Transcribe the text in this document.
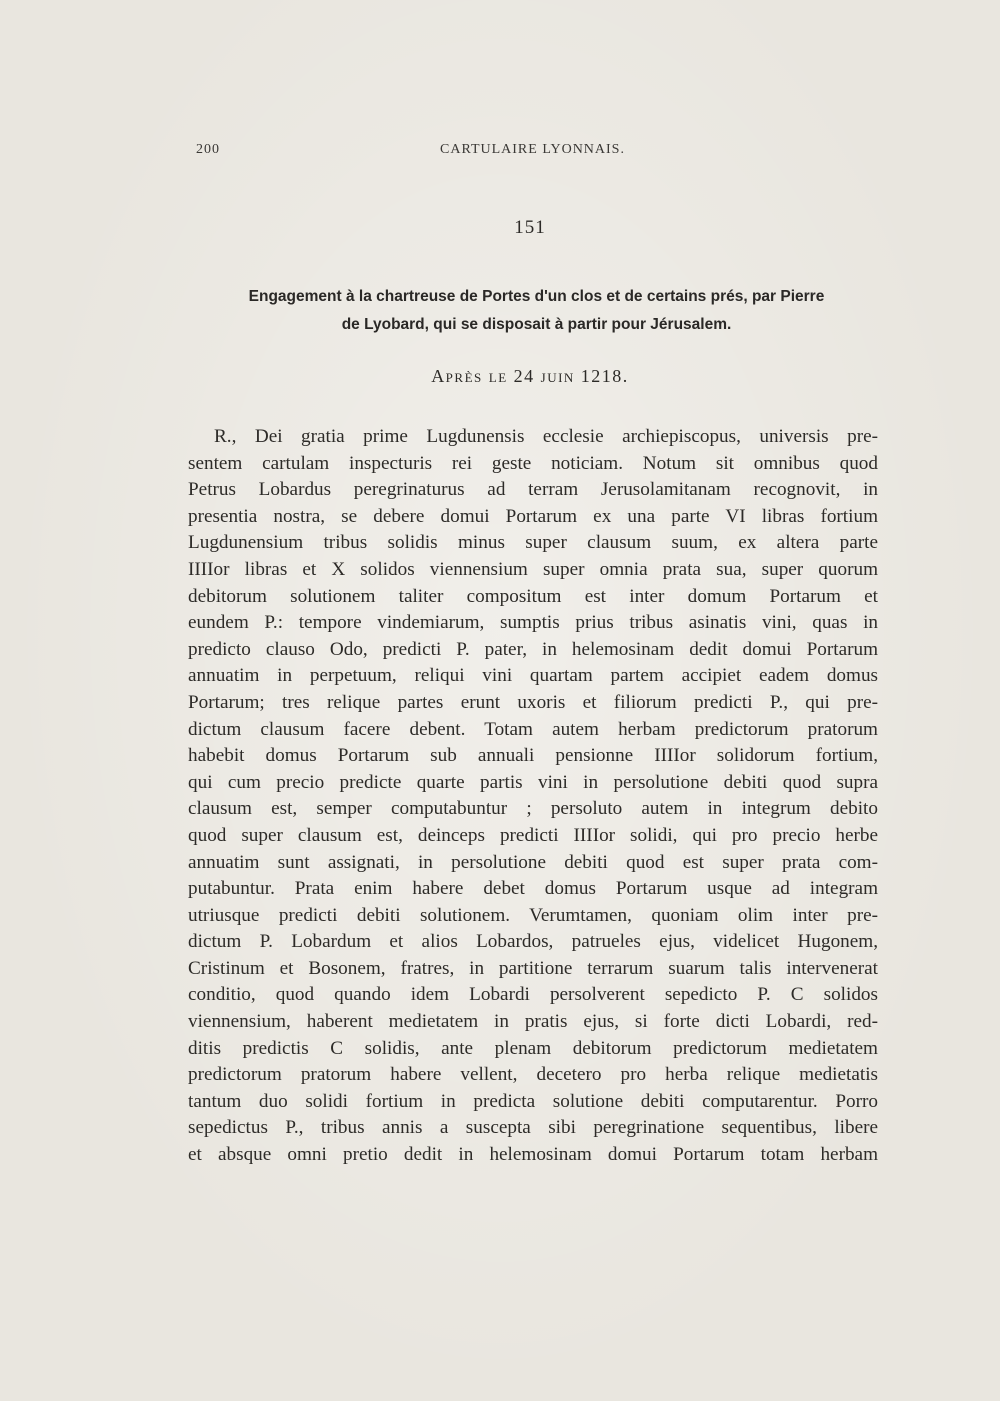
200	CARTULAIRE LYONNAIS.
151
Engagement à la chartreuse de Portes d'un clos et de certains prés, par Pierre
de Lyobard, qui se disposait à partir pour Jérusalem.
Après le 24 juin 1218.
R., Dei gratia prime Lugdunensis ecclesie archiepiscopus, universis pre-
sentem cartulam inspecturis rei geste noticiam. Notum sit omnibus quod
Petrus Lobardus peregrinaturus ad terram Jerusolamitanam recognovit, in
presentia nostra, se debere domui Portarum ex una parte VI libras fortium
Lugdunensium tribus solidis minus super clausum suum, ex altera parte
IIIIor libras et X solidos viennensium super omnia prata sua, super quorum
debitorum solutionem taliter compositum est inter domum Portarum et
eundem P.: tempore vindemiarum, sumptis prius tribus asinatis vini, quas in
predicto clauso Odo, predicti P. pater, in helemosinam dedit domui Portarum
annuatim in perpetuum, reliqui vini quartam partem accipiet eadem domus
Portarum; tres relique partes erunt uxoris et filiorum predicti P., qui pre-
dictum clausum facere debent. Totam autem herbam predictorum pratorum
habebit domus Portarum sub annuali pensionne IIIIor solidorum fortium,
qui cum precio predicte quarte partis vini in persolutione debiti quod supra
clausum est, semper computabuntur ; persoluto autem in integrum debito
quod super clausum est, deinceps predicti IIIIor solidi, qui pro precio herbe
annuatim sunt assignati, in persolutione debiti quod est super prata com-
putabuntur. Prata enim habere debet domus Portarum usque ad integram
utriusque predicti debiti solutionem. Verumtamen, quoniam olim inter pre-
dictum P. Lobardum et alios Lobardos, patrueles ejus, videlicet Hugonem,
Cristinum et Bosonem, fratres, in partitione terrarum suarum talis intervenerat
conditio, quod quando idem Lobardi persolverent sepedicto P. C solidos
viennensium, haberent medietatem in pratis ejus, si forte dicti Lobardi, red-
ditis predictis C solidis, ante plenam debitorum predictorum medietatem
predictorum pratorum habere vellent, decetero pro herba relique medietatis
tantum duo solidi fortium in predicta solutione debiti computarentur. Porro
sepedictus P., tribus annis a suscepta sibi peregrinatione sequentibus, libere
et absque omni pretio dedit in helemosinam domui Portarum totam herbam
